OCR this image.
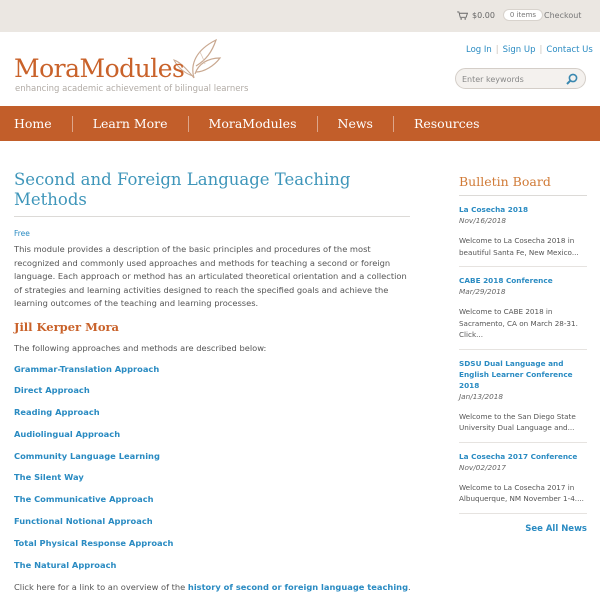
$0.00	0 items Checkout
MoraModules
enhancing academic achievement of bilingual learners
Log In | Sign Up | Contact Us
Enter keywords
Home	Learn More	MoraModules	News	Resources
Second and Foreign Language Teaching Methods
Free

This module provides a description of the basic principles and procedures of the most recognized and commonly used approaches and methods for teaching a second or foreign language. Each approach or method has an articulated theoretical orientation and a collection of strategies and learning activities designed to reach the specified goals and achieve the learning outcomes of the teaching and learning processes.

Jill Kerper Mora

The following approaches and methods are described below:

Grammar-Translation Approach
Direct Approach
Reading Approach
Audiolingual Approach
Community Language Learning
The Silent Way
The Communicative Approach
Functional Notional Approach
Total Physical Response Approach
The Natural Approach

Click here for a link to an overview of the history of second or foreign language teaching.

Bulletin Board
La Cosecha 2018
Nov/16/2018

Welcome to La Cosecha 2018 in beautiful Santa Fe, New Mexico...

CABE 2018 Conference
Mar/29/2018

Welcome to CABE 2018 in Sacramento, CA on March 28-31. Click...

SDSU Dual Language and English Learner Conference 2018
Jan/13/2018

Welcome to the San Diego State University Dual Language and...

La Cosecha 2017 Conference
Nov/02/2017

Welcome to La Cosecha 2017 in Albuquerque, NM November 1-4....

See All News
